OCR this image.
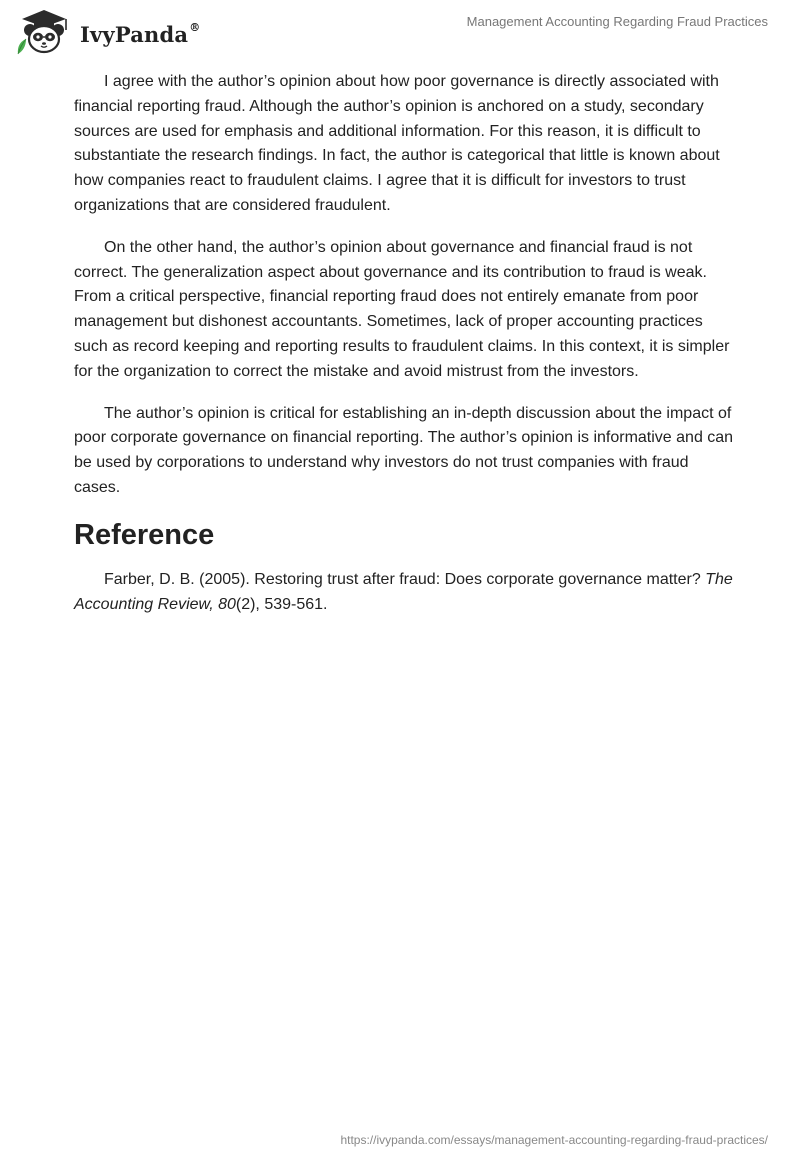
IvyPanda®	Management Accounting Regarding Fraud Practices

I agree with the author’s opinion about how poor governance is directly associated with financial reporting fraud. Although the author’s opinion is anchored on a study, secondary sources are used for emphasis and additional information. For this reason, it is difficult to substantiate the research findings. In fact, the author is categorical that little is known about how companies react to fraudulent claims. I agree that it is difficult for investors to trust organizations that are considered fraudulent.

On the other hand, the author’s opinion about governance and financial fraud is not correct. The generalization aspect about governance and its contribution to fraud is weak. From a critical perspective, financial reporting fraud does not entirely emanate from poor management but dishonest accountants. Sometimes, lack of proper accounting practices such as record keeping and reporting results to fraudulent claims. In this context, it is simpler for the organization to correct the mistake and avoid mistrust from the investors.

The author’s opinion is critical for establishing an in-depth discussion about the impact of poor corporate governance on financial reporting. The author’s opinion is informative and can be used by corporations to understand why investors do not trust companies with fraud cases.

Reference

Farber, D. B. (2005). Restoring trust after fraud: Does corporate governance matter? The Accounting Review, 80(2), 539-561.

https://ivypanda.com/essays/management-accounting-regarding-fraud-practices/
